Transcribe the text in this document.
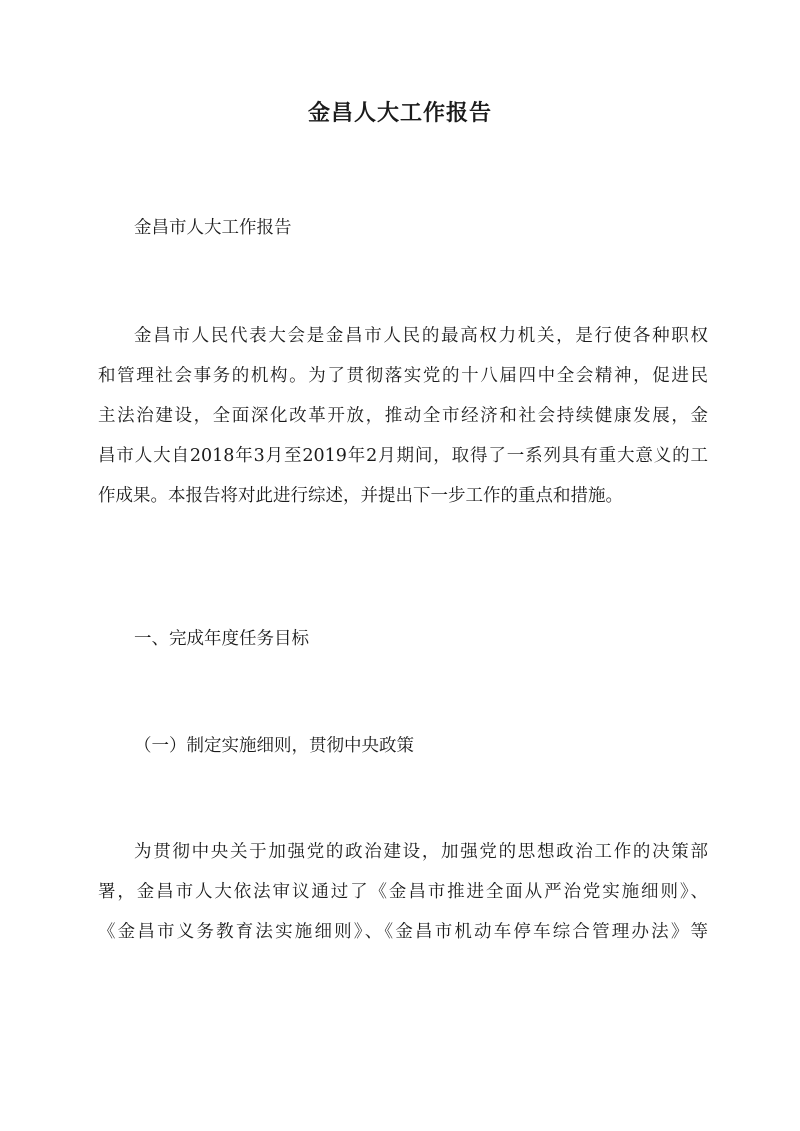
金昌人大工作报告
金昌市人大工作报告
金昌市人民代表大会是金昌市人民的最高权力机关，是行使各种职权
和管理社会事务的机构。为了贯彻落实党的十八届四中全会精神，促进民
主法治建设，全面深化改革开放，推动全市经济和社会持续健康发展，金
昌市人大自2018年3月至2019年2月期间，取得了一系列具有重大意义的工
作成果。本报告将对此进行综述，并提出下一步工作的重点和措施。
一、完成年度任务目标
（一）制定实施细则，贯彻中央政策
为贯彻中央关于加强党的政治建设，加强党的思想政治工作的决策部
署，金昌市人大依法审议通过了《金昌市推进全面从严治党实施细则》、
《金昌市义务教育法实施细则》、《金昌市机动车停车综合管理办法》等
